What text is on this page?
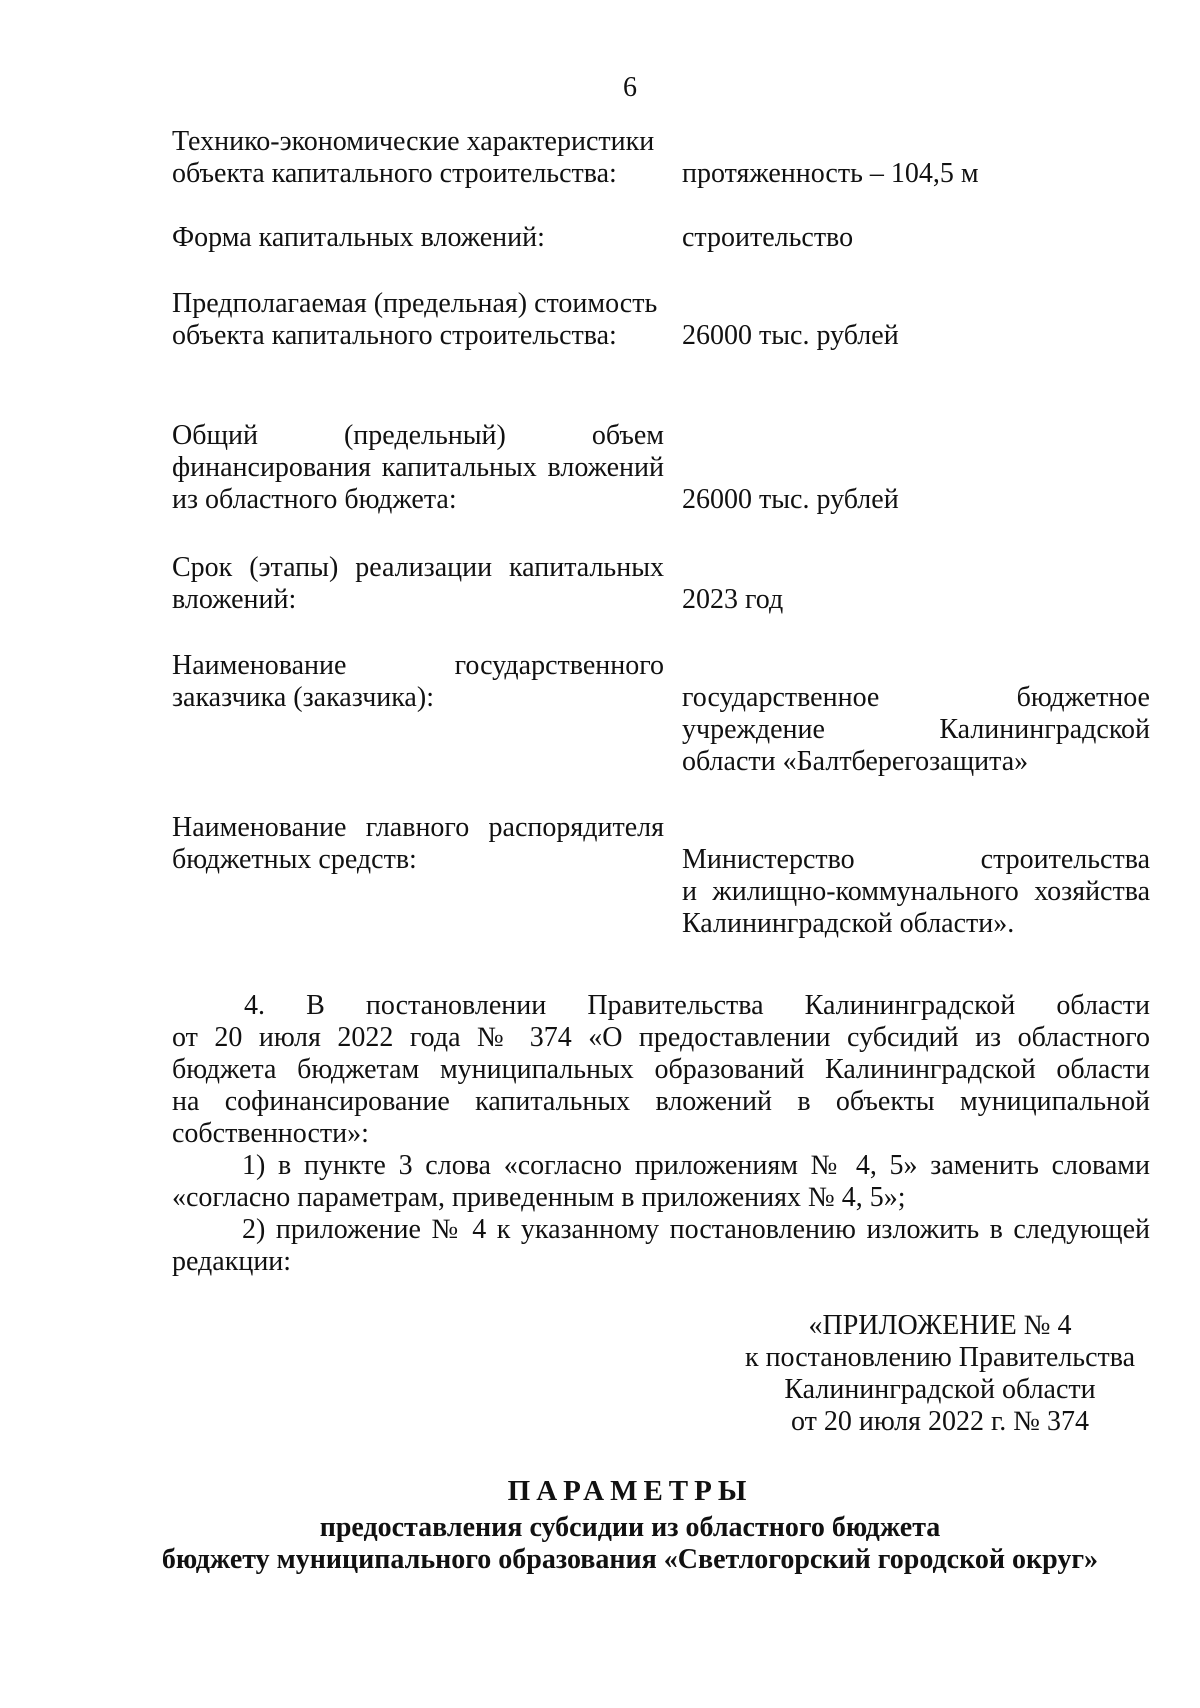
6
Технико-экономические характеристики
объекта капитального строительства:	протяженность – 104,5 м
Форма капитальных вложений:	строительство
Предполагаемая (предельная) стоимость
объекта капитального строительства:	26000 тыс. рублей
Общий (предельный) объем
финансирования капитальных вложений
из областного бюджета:	26000 тыс. рублей
Срок (этапы) реализации капитальных
вложений:	2023 год
Наименование государственного
заказчика (заказчика):	государственное бюджетное
учреждение Калининградской
области «Балтберегозащита»
Наименование главного распорядителя
бюджетных средств:	Министерство строительства
и жилищно-коммунального хозяйства
Калининградской области».
4. В постановлении Правительства Калининградской области
от 20 июля 2022 года № 374 «О предоставлении субсидий из областного
бюджета бюджетам муниципальных образований Калининградской области
на софинансирование капитальных вложений в объекты муниципальной
собственности»:
1) в пункте 3 слова «согласно приложениям № 4, 5» заменить словами
«согласно параметрам, приведенным в приложениях № 4, 5»;
2) приложение № 4 к указанному постановлению изложить в следующей
редакции:
«ПРИЛОЖЕНИЕ № 4
к постановлению Правительства
Калининградской области
от 20 июля 2022 г. № 374
ПАРАМЕТРЫ
предоставления субсидии из областного бюджета
бюджету муниципального образования «Светлогорский городской округ»
